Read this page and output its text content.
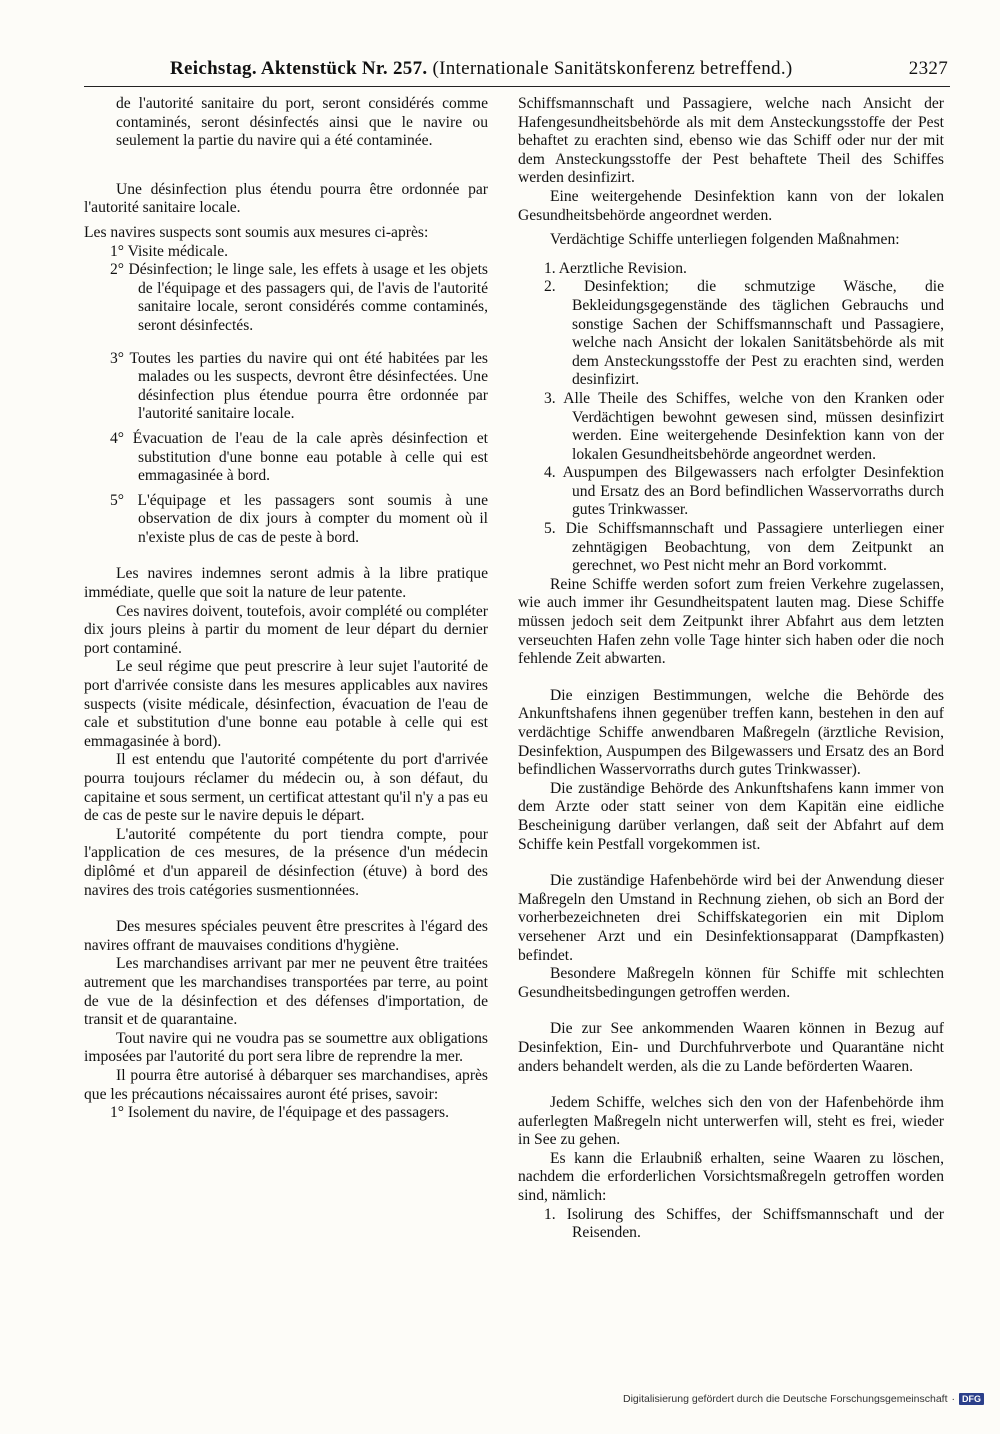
Reichstag. Aktenstück Nr. 257. (Internationale Sanitätskonferenz betreffend.)	2327

de l'autorité sanitaire du port, seront considérés comme contaminés, seront désinfectés ainsi que le navire ou seulement la partie du navire qui a été contaminée.

Une désinfection plus étendu pourra être ordonnée par l'autorité sanitaire locale.

Les navires suspects sont soumis aux mesures ci-après:

1° Visite médicale.

2° Désinfection; le linge sale, les effets à usage et les objets de l'équipage et des passagers qui, de l'avis de l'autorité sanitaire locale, seront considérés comme contaminés, seront désinfectés.

3° Toutes les parties du navire qui ont été habitées par les malades ou les suspects, devront être désinfectées. Une désinfection plus étendue pourra être ordonnée par l'autorité sanitaire locale.

4° Évacuation de l'eau de la cale après désinfection et substitution d'une bonne eau potable à celle qui est emmagasinée à bord.

5° L'équipage et les passagers sont soumis à une observation de dix jours à compter du moment où il n'existe plus de cas de peste à bord.

Les navires indemnes seront admis à la libre pratique immédiate, quelle que soit la nature de leur patente.

Ces navires doivent, toutefois, avoir complété ou compléter dix jours pleins à partir du moment de leur départ du dernier port contaminé.

Le seul régime que peut prescrire à leur sujet l'autorité de port d'arrivée consiste dans les mesures applicables aux navires suspects (visite médicale, désinfection, évacuation de l'eau de cale et substitution d'une bonne eau potable à celle qui est emmagasinée à bord).

Il est entendu que l'autorité compétente du port d'arrivée pourra toujours réclamer du médecin ou, à son défaut, du capitaine et sous serment, un certificat attestant qu'il n'y a pas eu de cas de peste sur le navire depuis le départ.

L'autorité compétente du port tiendra compte, pour l'application de ces mesures, de la présence d'un médecin diplômé et d'un appareil de désinfection (étuve) à bord des navires des trois catégories susmentionnées.

Des mesures spéciales peuvent être prescrites à l'égard des navires offrant de mauvaises conditions d'hygiène.

Les marchandises arrivant par mer ne peuvent être traitées autrement que les marchandises transportées par terre, au point de vue de la désinfection et des défenses d'importation, de transit et de quarantaine.

Tout navire qui ne voudra pas se soumettre aux obligations imposées par l'autorité du port sera libre de reprendre la mer.

Il pourra être autorisé à débarquer ses marchandises, après que les précautions nécaissaires auront été prises, savoir:

1° Isolement du navire, de l'équipage et des passagers.

Schiffsmannschaft und Passagiere, welche nach Ansicht der Hafengesundheitsbehörde als mit dem Ansteckungsstoffe der Pest behaftet zu erachten sind, ebenso wie das Schiff oder nur der mit dem Ansteckungsstoffe der Pest behaftete Theil des Schiffes werden desinfizirt.

Eine weitergehende Desinfektion kann von der lokalen Gesundheitsbehörde angeordnet werden.

Verdächtige Schiffe unterliegen folgenden Maßnahmen:

1. Aerztliche Revision.

2. Desinfektion; die schmutzige Wäsche, die Bekleidungsgegenstände des täglichen Gebrauchs und sonstige Sachen der Schiffsmannschaft und Passagiere, welche nach Ansicht der lokalen Sanitätsbehörde als mit dem Ansteckungsstoffe der Pest zu erachten sind, werden desinfizirt.

3. Alle Theile des Schiffes, welche von den Kranken oder Verdächtigen bewohnt gewesen sind, müssen desinfizirt werden. Eine weitergehende Desinfektion kann von der lokalen Gesundheitsbehörde angeordnet werden.

4. Auspumpen des Bilgewassers nach erfolgter Desinfektion und Ersatz des an Bord befindlichen Wasservorraths durch gutes Trinkwasser.

5. Die Schiffsmannschaft und Passagiere unterliegen einer zehntägigen Beobachtung, von dem Zeitpunkt an gerechnet, wo Pest nicht mehr an Bord vorkommt.

Reine Schiffe werden sofort zum freien Verkehre zugelassen, wie auch immer ihr Gesundheitspatent lauten mag. Diese Schiffe müssen jedoch seit dem Zeitpunkt ihrer Abfahrt aus dem letzten verseuchten Hafen zehn volle Tage hinter sich haben oder die noch fehlende Zeit abwarten.

Die einzigen Bestimmungen, welche die Behörde des Ankunftshafens ihnen gegenüber treffen kann, bestehen in den auf verdächtige Schiffe anwendbaren Maßregeln (ärztliche Revision, Desinfektion, Auspumpen des Bilgewassers und Ersatz des an Bord befindlichen Wasservorraths durch gutes Trinkwasser).

Die zuständige Behörde des Ankunftshafens kann immer von dem Arzte oder statt seiner von dem Kapitän eine eidliche Bescheinigung darüber verlangen, daß seit der Abfahrt auf dem Schiffe kein Pestfall vorgekommen ist.

Die zuständige Hafenbehörde wird bei der Anwendung dieser Maßregeln den Umstand in Rechnung ziehen, ob sich an Bord der vorherbezeichneten drei Schiffskategorien ein mit Diplom versehener Arzt und ein Desinfektionsapparat (Dampfkasten) befindet.

Besondere Maßregeln können für Schiffe mit schlechten Gesundheitsbedingungen getroffen werden.

Die zur See ankommenden Waaren können in Bezug auf Desinfektion, Ein- und Durchfuhrverbote und Quarantäne nicht anders behandelt werden, als die zu Lande beförderten Waaren.

Jedem Schiffe, welches sich den von der Hafenbehörde ihm auferlegten Maßregeln nicht unterwerfen will, steht es frei, wieder in See zu gehen.

Es kann die Erlaubniß erhalten, seine Waaren zu löschen, nachdem die erforderlichen Vorsichtsmaßregeln getroffen worden sind, nämlich:

1. Isolirung des Schiffes, der Schiffsmannschaft und der Reisenden.

Digitalisierung gefördert durch die Deutsche Forschungsgemeinschaft · DFG
